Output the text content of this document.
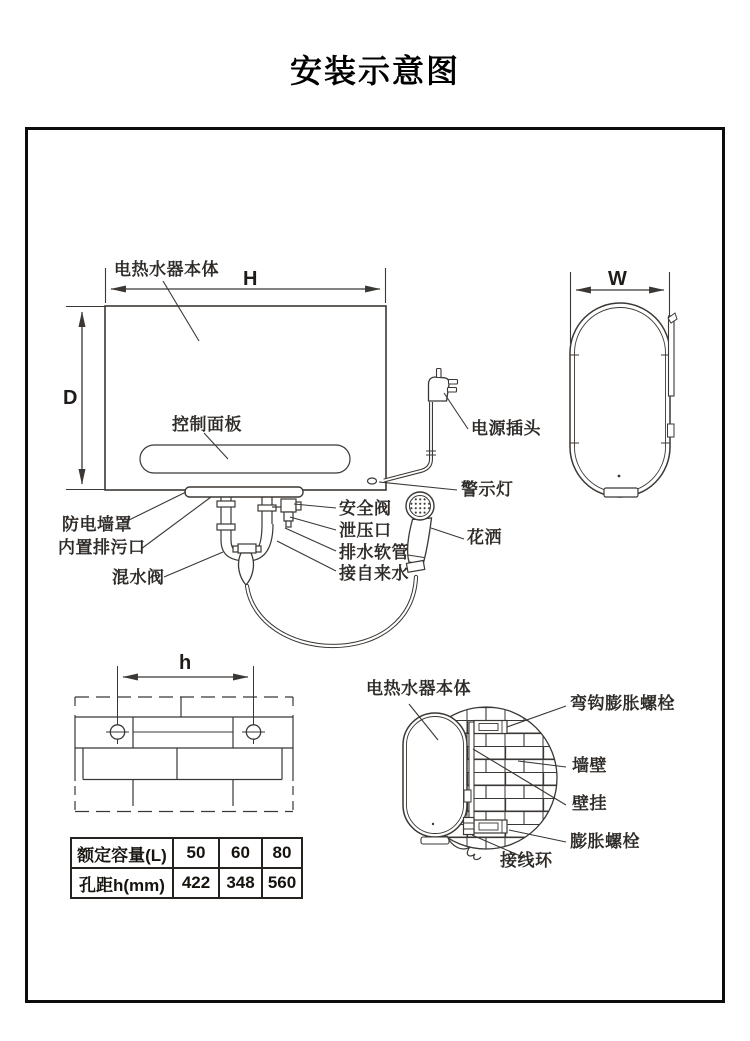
安装示意图
电热水器本体 H
D
W
控制面板	电源插头
警示灯
安全阀
泄压口
排水软管
接自来水
花洒
防电墙罩
内置排污口
混水阀
h
电热水器本体
弯钩膨胀螺栓
墙壁
壁挂
膨胀螺栓
接线环
额定容量(L)	50	60	80
孔距h(mm)	422	348	560
